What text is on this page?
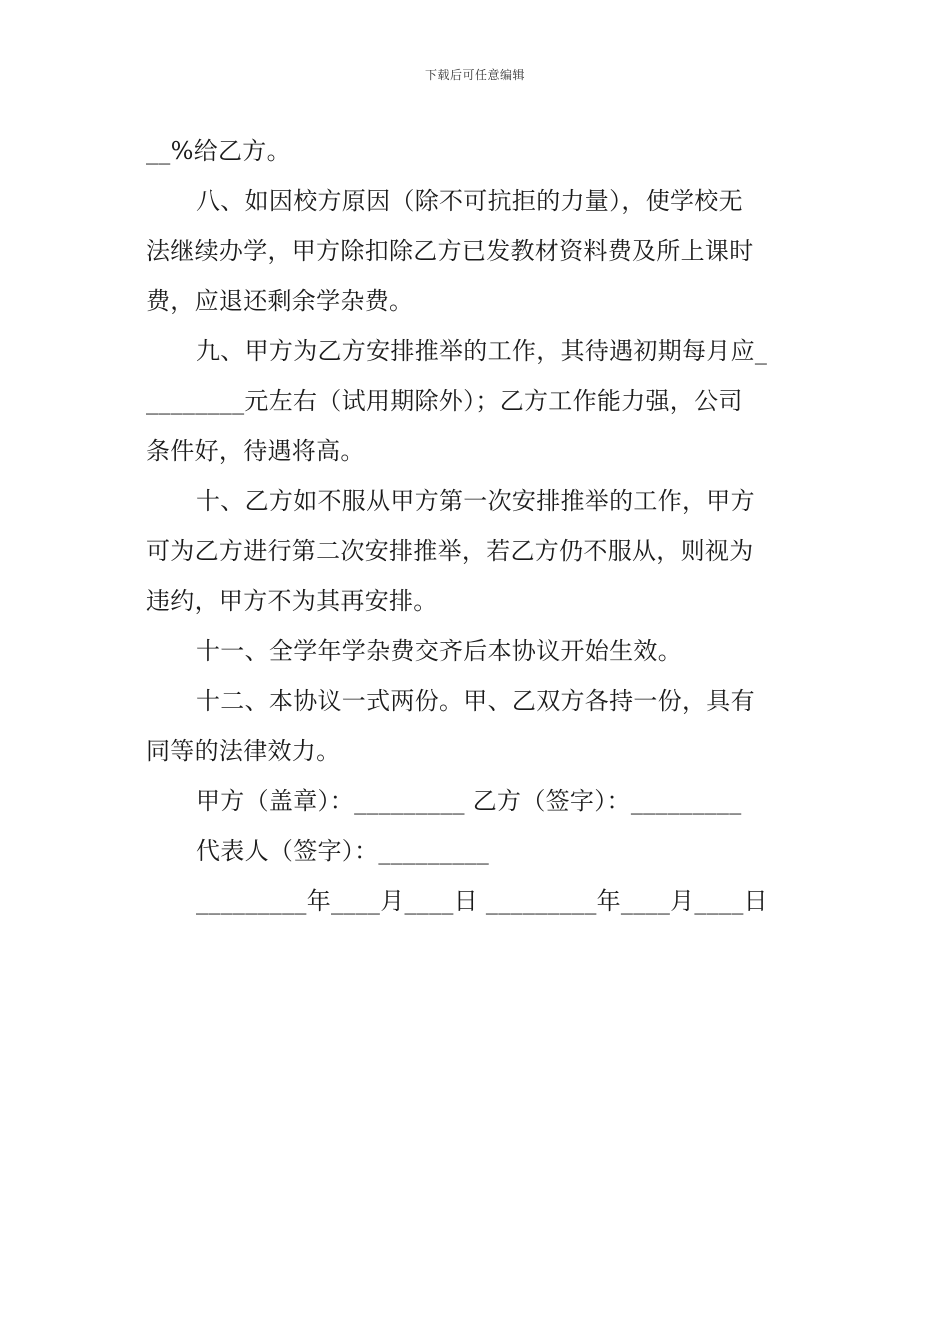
下载后可任意编辑
__%给乙方。
八、如因校方原因（除不可抗拒的力量），使学校无
法继续办学，甲方除扣除乙方已发教材资料费及所上课时
费，应退还剩余学杂费。
九、甲方为乙方安排推举的工作，其待遇初期每月应_
________元左右（试用期除外）；乙方工作能力强，公司
条件好，待遇将高。
十、乙方如不服从甲方第一次安排推举的工作，甲方
可为乙方进行第二次安排推举，若乙方仍不服从，则视为
违约，甲方不为其再安排。
十一、全学年学杂费交齐后本协议开始生效。
十二、本协议一式两份。甲、乙双方各持一份，具有
同等的法律效力。
甲方（盖章）：_________ 乙方（签字）：_________
代表人（签字）：_________
_________年____月____日 _________年____月____日
